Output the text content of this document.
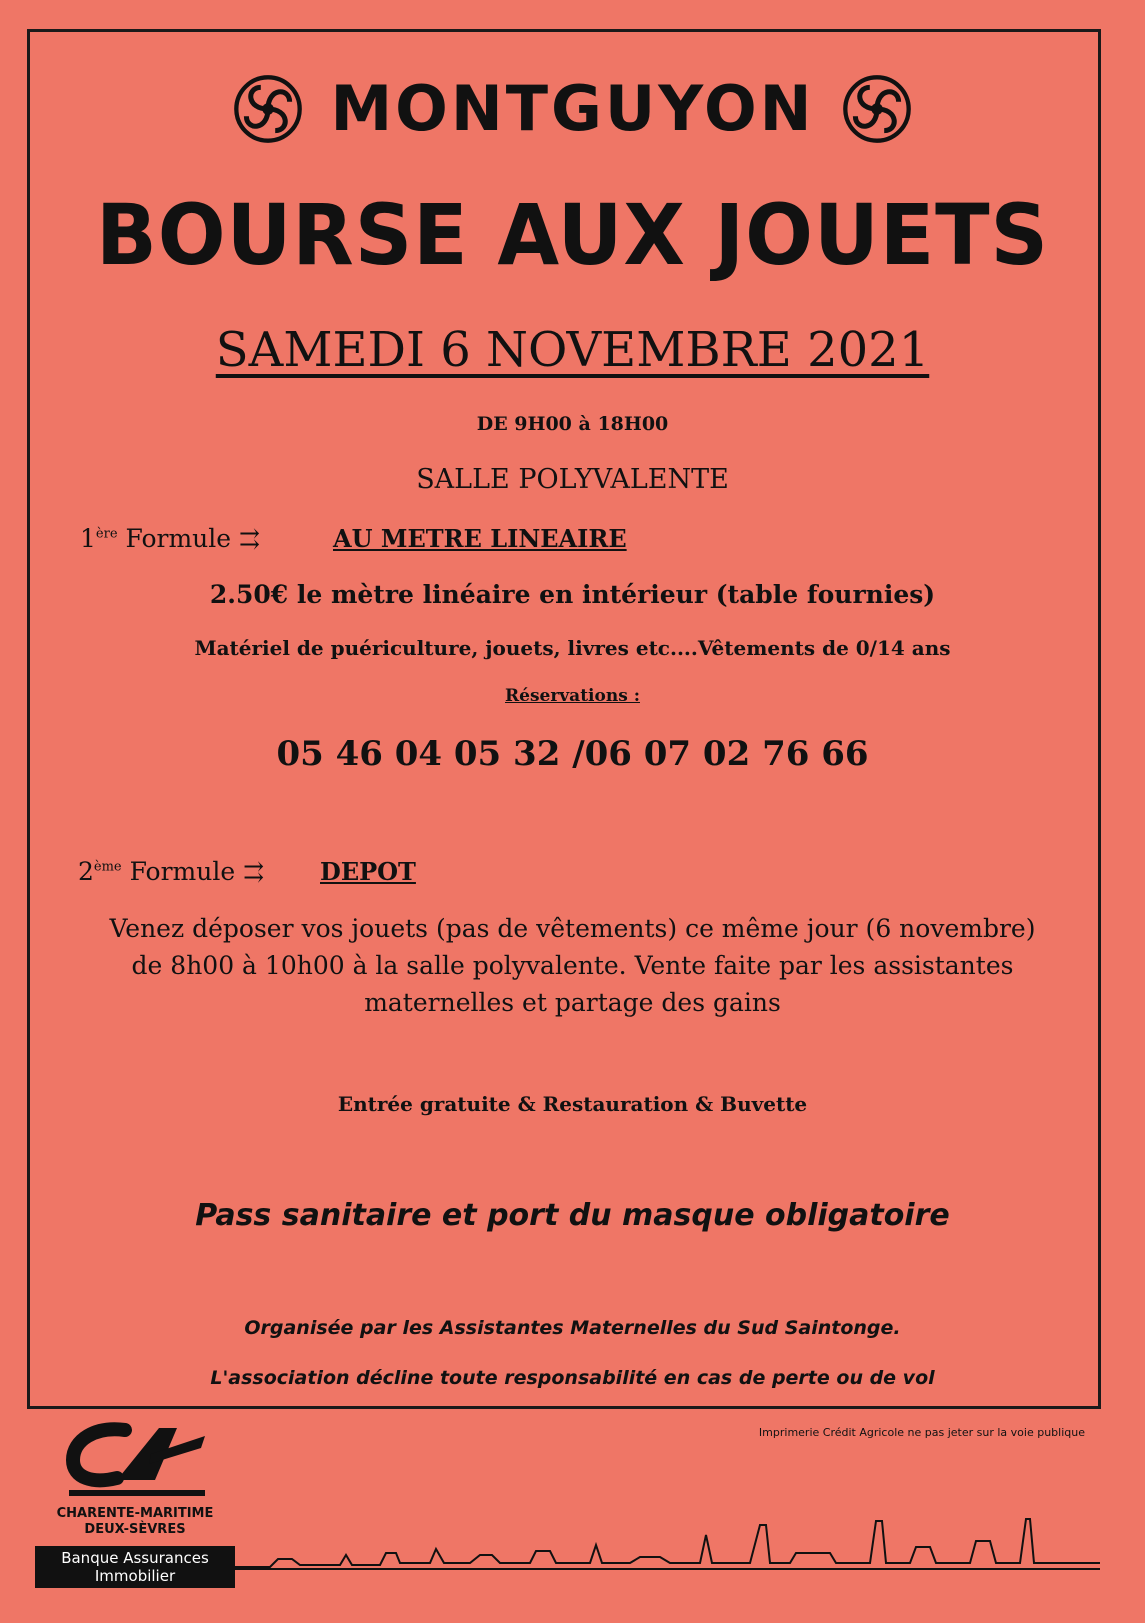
MONTGUYON
BOURSE AUX JOUETS
SAMEDI 6 NOVEMBRE 2021
DE 9H00 à 18H00
SALLE POLYVALENTE
1ère Formule ⇉	AU METRE LINEAIRE
2.50€ le mètre linéaire en intérieur (table fournies)
Matériel de puériculture, jouets, livres etc....Vêtements de 0/14 ans
Réservations :
05 46 04 05 32 /06 07 02 76 66
2ème Formule ⇉ DEPOT
Venez déposer vos jouets (pas de vêtements) ce même jour (6 novembre)
de 8h00 à 10h00 à la salle polyvalente. Vente faite par les assistantes
maternelles et partage des gains
Entrée gratuite & Restauration & Buvette
Pass sanitaire et port du masque obligatoire
Organisée par les Assistantes Maternelles du Sud Saintonge.
L'association décline toute responsabilité en cas de perte ou de vol
Imprimerie Crédit Agricole ne pas jeter sur la voie publique
CHARENTE-MARITIME
DEUX-SÈVRES
Banque Assurances
Immobilier
